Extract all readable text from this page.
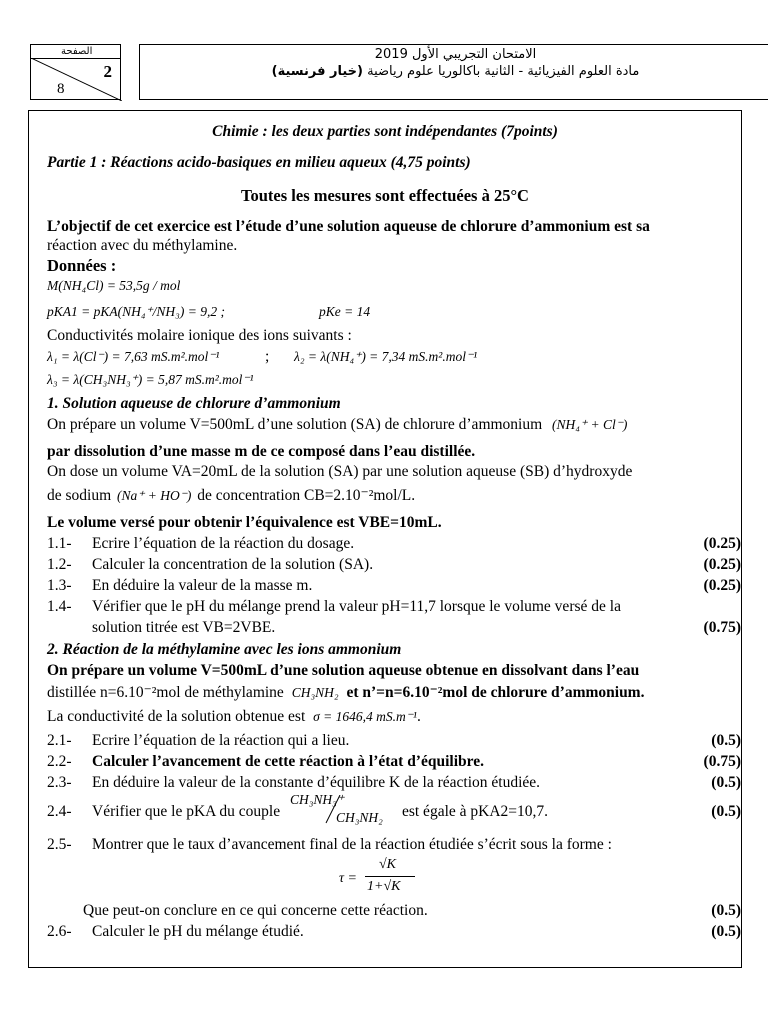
الصفحة
2
8
الامتحان التجريبي الأول 2019
مادة العلوم الفيزيائية - الثانية باكالوريا علوم رياضية (خيار فرنسية)
Chimie : les deux parties sont indépendantes (7points)
Partie 1 : Réactions acido-basiques en milieu aqueux (4,75 points)
Toutes les mesures sont effectuées à 25°C
L’objectif de cet exercice est l’étude d’une solution aqueuse de chlorure d’ammonium est sa
réaction avec du méthylamine.
Données :
M(NH₄Cl) = 53,5g / mol
pKA1 = pKA(NH₄⁺/NH₃) = 9,2 ;	pKe = 14
Conductivités molaire ionique des ions suivants :
λ₁ = λ(Cl⁻) = 7,63 mS.m².mol⁻¹	; λ₂ = λ(NH₄⁺) = 7,34 mS.m².mol⁻¹
λ₃ = λ(CH₃NH₃⁺) = 5,87 mS.m².mol⁻¹
1. Solution aqueuse de chlorure d’ammonium
On prépare un volume V=500mL d’une solution (SA) de chlorure d’ammonium (NH₄⁺ + Cl⁻)
par dissolution d’une masse m de ce composé dans l’eau distillée.
On dose un volume VA=20mL de la solution (SA) par une solution aqueuse (SB) d’hydroxyde
de sodium (Na⁺ + HO⁻) de concentration CB=2.10⁻²mol/L.
Le volume versé pour obtenir l’équivalence est VBE=10mL.
1.1- Ecrire l’équation de la réaction du dosage.	(0.25)
1.2- Calculer la concentration de la solution (SA).	(0.25)
1.3- En déduire la valeur de la masse m.	(0.25)
1.4- Vérifier que le pH du mélange prend la valeur pH=11,7 lorsque le volume versé de la
solution titrée est VB=2VBE.	(0.75)
2. Réaction de la méthylamine avec les ions ammonium
On prépare un volume V=500mL d’une solution aqueuse obtenue en dissolvant dans l’eau
distillée n=6.10⁻²mol de méthylamine CH₃NH₂ et n’=n=6.10⁻²mol de chlorure d’ammonium.
La conductivité de la solution obtenue est σ = 1646,4 mS.m⁻¹.
2.1- Ecrire l’équation de la réaction qui a lieu.	(0.5)
2.2- Calculer l’avancement de cette réaction à l’état d’équilibre.	(0.75)
2.3- En déduire la valeur de la constante d’équilibre K de la réaction étudiée.	(0.5)
2.4- Vérifier que le pKA du couple
CH₃NH₃⁺
CH₃NH₂ est égale à pKA2=10,7.	(0.5)
2.5- Montrer que le taux d’avancement final de la réaction étudiée s’écrit sous la forme :
τ =
√K
1+√K
Que peut-on conclure en ce qui concerne cette réaction.	(0.5)
2.6- Calculer le pH du mélange étudié.	(0.5)
